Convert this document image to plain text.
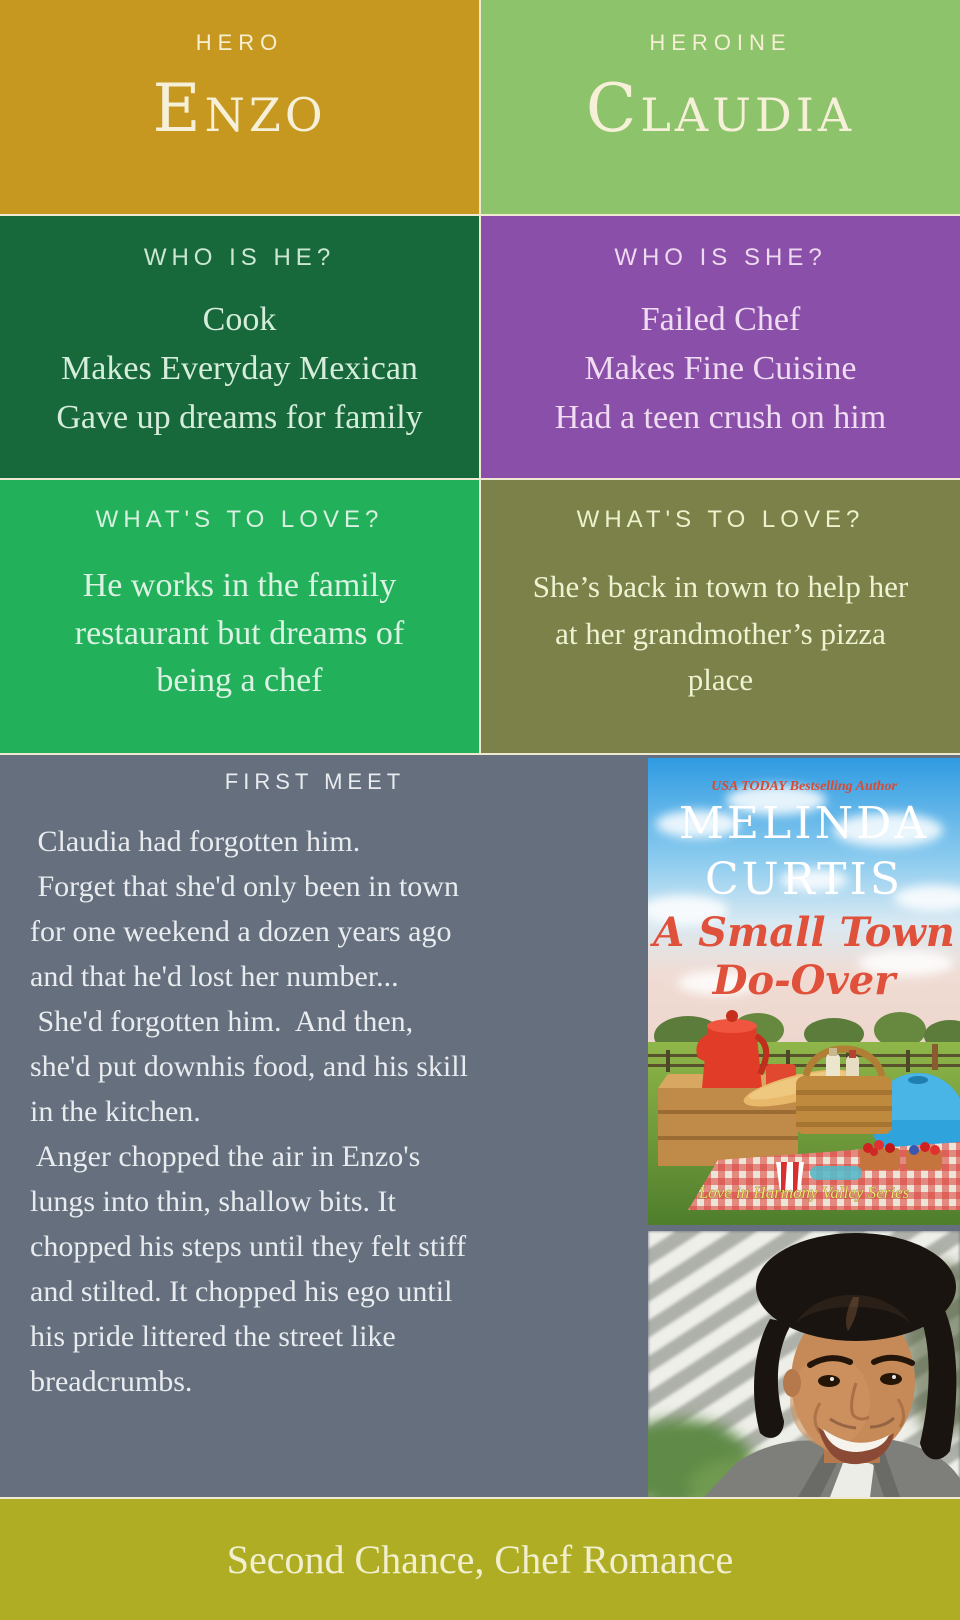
HERO
Enzo
HEROINE
Claudia
WHO IS HE?
Cook
Makes Everyday Mexican
Gave up dreams for family
WHO IS SHE?
Failed Chef
Makes Fine Cuisine
Had a teen crush on him
WHAT'S TO LOVE?
He works in the family
restaurant but dreams of
being a chef
WHAT'S TO LOVE?
She’s back in town to help her
at her grandmother’s pizza
place
FIRST MEET
Claudia had forgotten him.
Forget that she'd only been in town
for one weekend a dozen years ago
and that he'd lost her number...
She'd forgotten him.  And then,
she'd put downhis food, and his skill
in the kitchen.
Anger chopped the air in Enzo's
lungs into thin, shallow bits. It
chopped his steps until they felt stiff
and stilted. It chopped his ego until
his pride littered the street like
breadcrumbs.
USA TODAY Bestselling Author
MELINDA
CURTIS
A Small Town
Do-Over
Love in Harmony Valley Series
Second Chance, Chef Romance
